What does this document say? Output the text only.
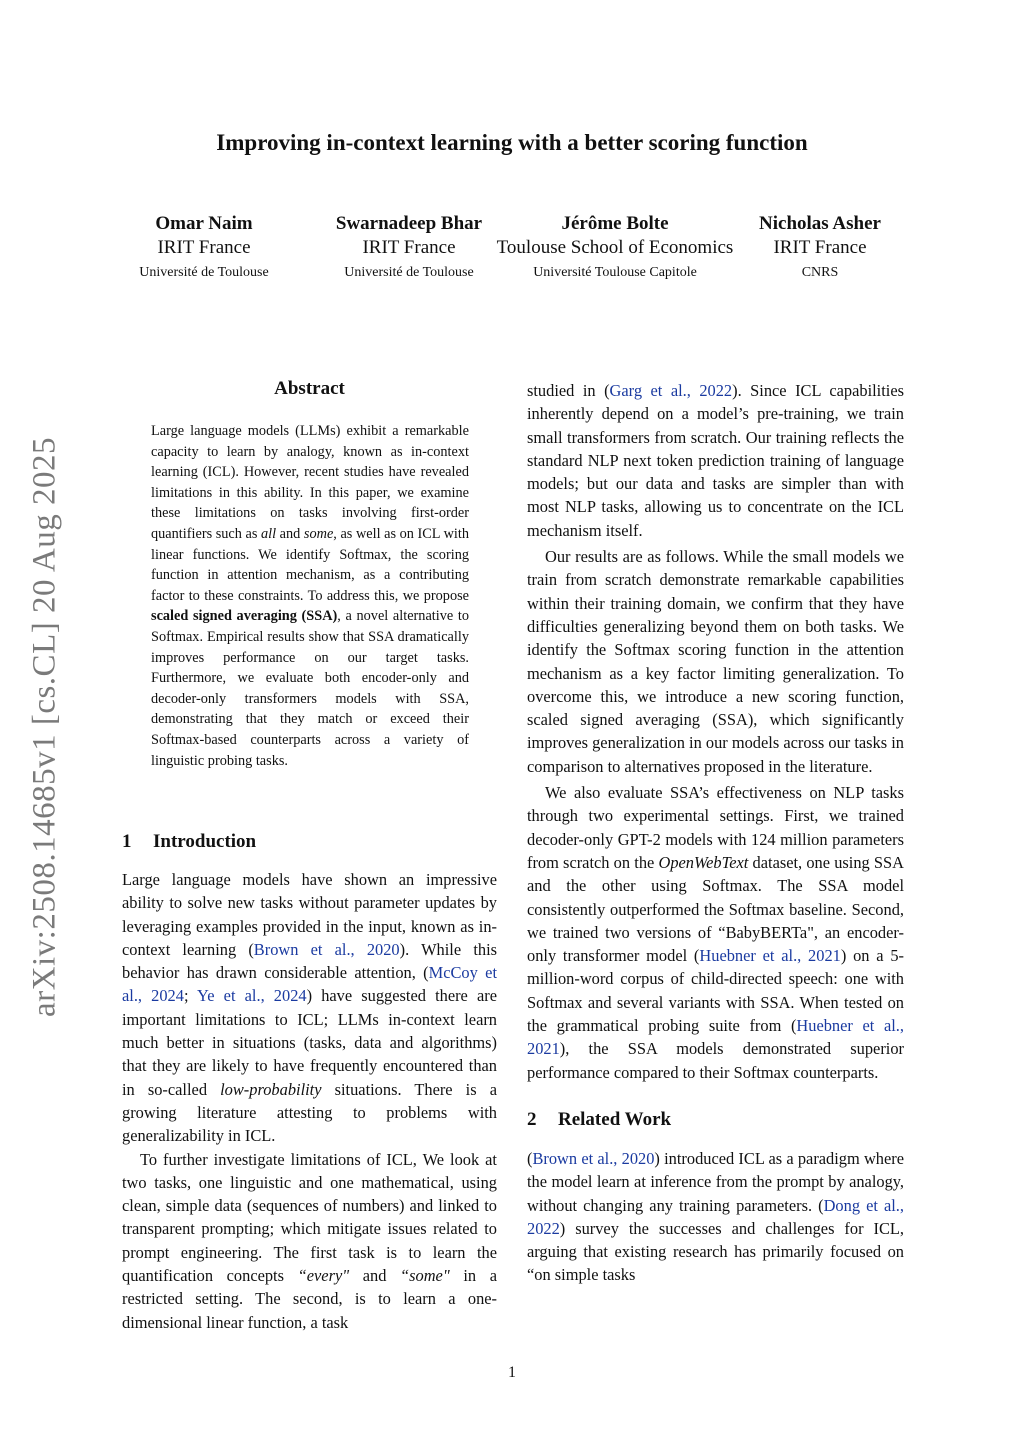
arXiv:2508.14685v1 [cs.CL] 20 Aug 2025
Improving in-context learning with a better scoring function
Omar Naim
IRIT France
Université de Toulouse
Swarnadeep Bhar
IRIT France
Université de Toulouse
Jérôme Bolte
Toulouse School of Economics
Université Toulouse Capitole
Nicholas Asher
IRIT France
CNRS
Abstract

Large language models (LLMs) exhibit a remarkable capacity to learn by analogy, known as in-context learning (ICL). However, recent studies have revealed limitations in this ability. In this paper, we examine these limitations on tasks involving first-order quantifiers such as all and some, as well as on ICL with linear functions. We identify Softmax, the scoring function in attention mechanism, as a contributing factor to these constraints. To address this, we propose scaled signed averaging (SSA), a novel alternative to Softmax. Empirical results show that SSA dramatically improves performance on our target tasks. Furthermore, we evaluate both encoder-only and decoder-only transformers models with SSA, demonstrating that they match or exceed their Softmax-based counterparts across a variety of linguistic probing tasks.

1 Introduction

Large language models have shown an impressive ability to solve new tasks without parameter updates by leveraging examples provided in the input, known as in-context learning (Brown et al., 2020). While this behavior has drawn considerable attention, (McCoy et al., 2024; Ye et al., 2024) have suggested there are important limitations to ICL; LLMs in-context learn much better in situations (tasks, data and algorithms) that they are likely to have frequently encountered than in so-called low-probability situations. There is a growing literature attesting to problems with generalizability in ICL.

To further investigate limitations of ICL, We look at two tasks, one linguistic and one mathematical, using clean, simple data (sequences of numbers) and linked to transparent prompting; which mitigate issues related to prompt engineering. The first task is to learn the quantification concepts “every" and “some" in a restricted setting. The second, is to learn a one-dimensional linear function, a task

studied in (Garg et al., 2022). Since ICL capabilities inherently depend on a model’s pre-training, we train small transformers from scratch. Our training reflects the standard NLP next token prediction training of language models; but our data and tasks are simpler than with most NLP tasks, allowing us to concentrate on the ICL mechanism itself.

Our results are as follows. While the small models we train from scratch demonstrate remarkable capabilities within their training domain, we confirm that they have difficulties generalizing beyond them on both tasks. We identify the Softmax scoring function in the attention mechanism as a key factor limiting generalization. To overcome this, we introduce a new scoring function, scaled signed averaging (SSA), which significantly improves generalization in our models across our tasks in comparison to alternatives proposed in the literature.

We also evaluate SSA’s effectiveness on NLP tasks through two experimental settings. First, we trained decoder-only GPT-2 models with 124 million parameters from scratch on the OpenWebText dataset, one using SSA and the other using Softmax. The SSA model consistently outperformed the Softmax baseline. Second, we trained two versions of “BabyBERTa", an encoder-only transformer model (Huebner et al., 2021) on a 5-million-word corpus of child-directed speech: one with Softmax and several variants with SSA. When tested on the grammatical probing suite from (Huebner et al., 2021), the SSA models demonstrated superior performance compared to their Softmax counterparts.

2 Related Work

(Brown et al., 2020) introduced ICL as a paradigm where the model learn at inference from the prompt by analogy, without changing any training parameters. (Dong et al., 2022) survey the successes and challenges for ICL, arguing that existing research has primarily focused on “on simple tasks

1
